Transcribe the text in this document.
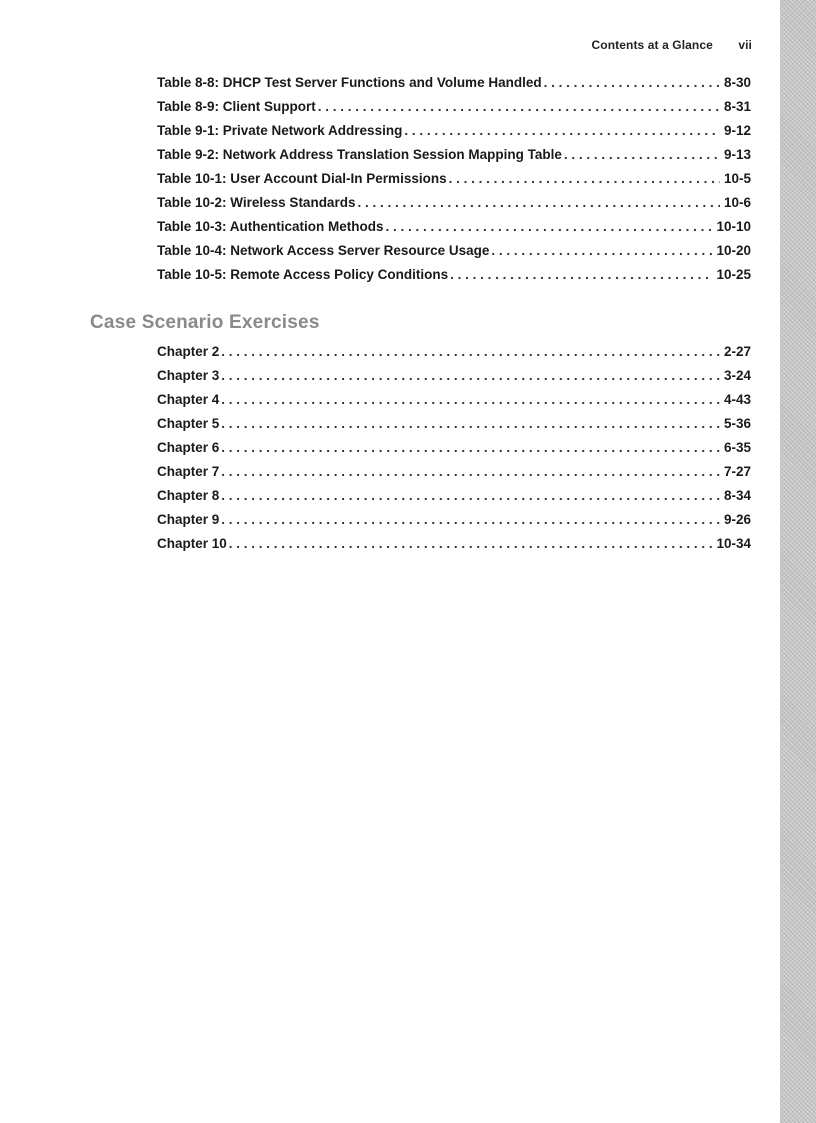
Contents at a Glance vii
Table 8-8: DHCP Test Server Functions and Volume Handled . . .	8-30
Table 8-9: Client Support . . .	8-31
Table 9-1: Private Network Addressing . . .	9-12
Table 9-2: Network Address Translation Session Mapping Table . . .	9-13
Table 10-1: User Account Dial-In Permissions . . .	10-5
Table 10-2: Wireless Standards . . .	10-6
Table 10-3: Authentication Methods . . .	10-10
Table 10-4: Network Access Server Resource Usage . . .	10-20
Table 10-5: Remote Access Policy Conditions . . .	10-25
Case Scenario Exercises
Chapter 2 . . .	2-27
Chapter 3 . . .	3-24
Chapter 4 . . .	4-43
Chapter 5 . . .	5-36
Chapter 6 . . .	6-35
Chapter 7 . . .	7-27
Chapter 8 . . .	8-34
Chapter 9 . . .	9-26
Chapter 10 . . .	10-34
